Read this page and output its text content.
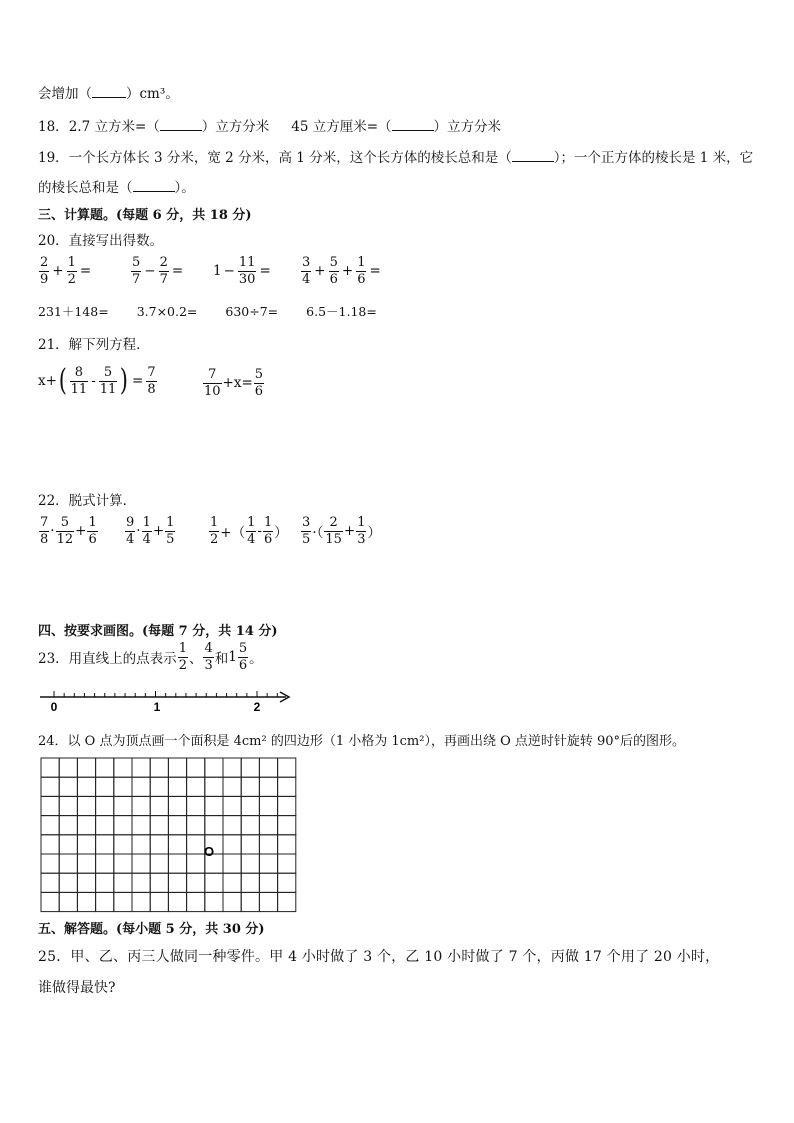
会增加（	）cm³。
18．2.7 立方米=（	）立方分米 45 立方厘米=（	）立方分米
19．一个长方体长 3 分米，宽 2 分米，高 1 分米，这个长方体的棱长总和是（	）；一个正方体的棱长是 1 米，它
的棱长总和是（	）。
三、计算题。(每题 6 分，共 18 分)
20．直接写出得数。
$\frac{2}{9} + \frac{1}{2}$ =	$\frac{5}{7} - \frac{2}{7} = 1 - \frac{11}{30} = \frac{3}{4} + \frac{5}{6} + \frac{1}{6}$ =
231＋148= 3.7×0.2= 630÷7= 6.5－1.18=
21．解下列方程．
x+ ( $\frac{8}{11} - \frac{5}{11}$ ) = $\frac{7}{8}$	$\frac{7}{10} +x= \frac{5}{6}$
22．脱式计算．
$\frac{7}{8} \cdot \frac{5}{12} + \frac{1}{6} \frac{9}{4} \cdot \frac{1}{4} + \frac{1}{5}$	$\frac{1}{2}$ +（ $\frac{1}{4} - \frac{1}{6}$ ） $\frac{3}{5}$ ·（ $\frac{2}{15} + \frac{1}{3}$ ）
四、按要求画图。(每题 7 分，共 14 分)
23．用直线上的点表示 $\frac{1}{2}$ 、 $\frac{4}{3}$ 和 $1 \frac{5}{6}$ 。
0	1	2
24．以 O 点为顶点画一个面积是 4cm² 的四边形（1 小格为 1cm²），再画出绕 O 点逆时针旋转 90°后的图形。
O
五、解答题。(每小题 5 分，共 30 分)
25．甲、乙、丙三人做同一种零件。甲 4 小时做了 3 个，乙 10 小时做了 7 个，丙做 17 个用了 20 小时，
谁做得最快?
